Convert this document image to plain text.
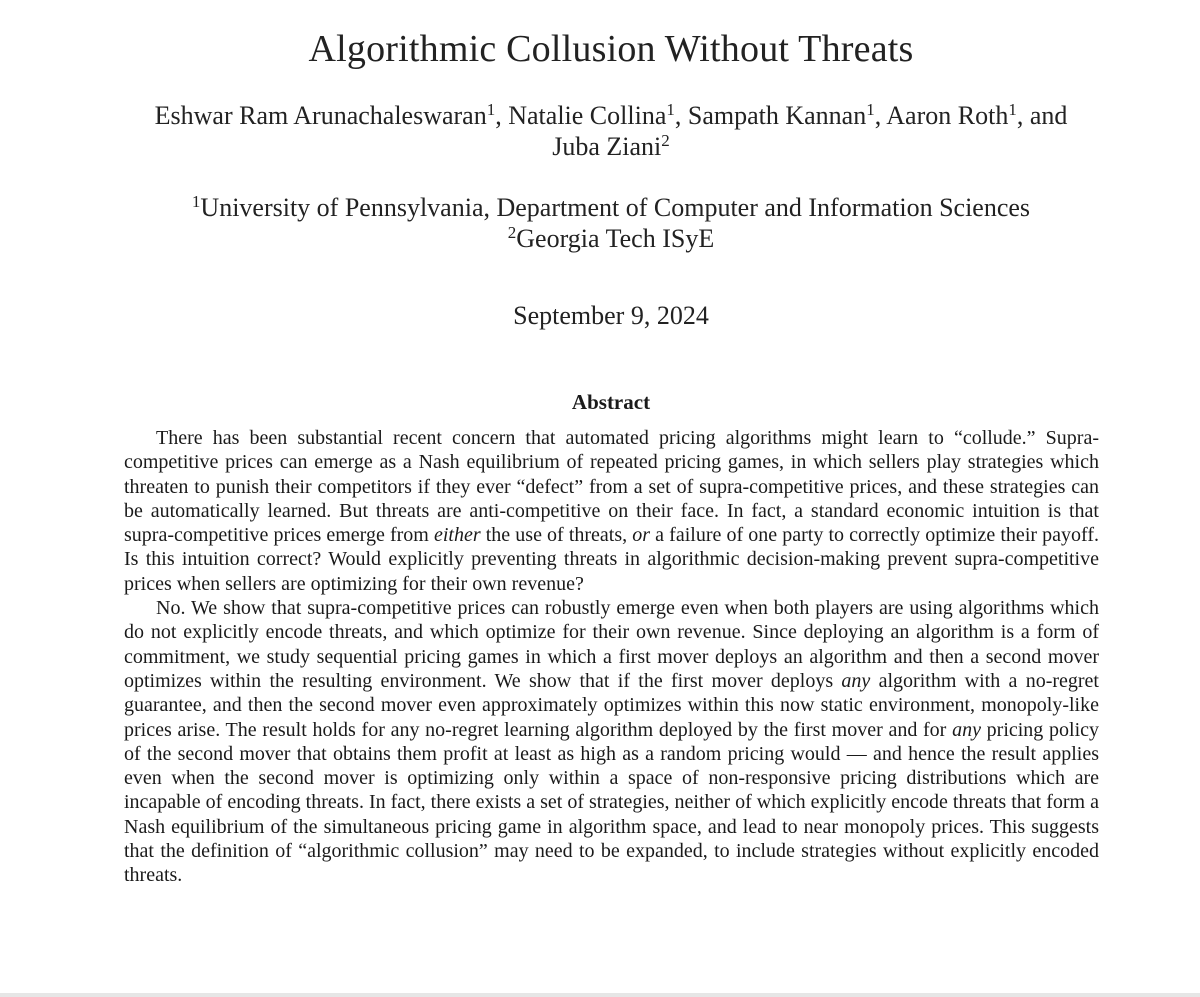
Algorithmic Collusion Without Threats
Eshwar Ram Arunachaleswaran$^1$, Natalie Collina$^1$, Sampath Kannan$^1$, Aaron Roth$^1$, and
Juba Ziani$^2$
$^1$University of Pennsylvania, Department of Computer and Information Sciences
$^2$Georgia Tech ISyE
September 9, 2024
Abstract

There has been substantial recent concern that automated pricing algorithms might learn to “collude.” Supra-competitive prices can emerge as a Nash equilibrium of repeated pricing games, in which sellers play strategies which threaten to punish their competitors if they ever “defect” from a set of supra-competitive prices, and these strategies can be automatically learned. But threats are anti-competitive on their face. In fact, a standard economic intuition is that supra-competitive prices emerge from either the use of threats, or a failure of one party to correctly optimize their payoff. Is this intuition correct? Would explicitly preventing threats in algorithmic decision-making prevent supra-competitive prices when sellers are optimizing for their own revenue?

No. We show that supra-competitive prices can robustly emerge even when both players are using algorithms which do not explicitly encode threats, and which optimize for their own revenue. Since deploying an algorithm is a form of commitment, we study sequential pricing games in which a first mover deploys an algorithm and then a second mover optimizes within the resulting environment. We show that if the first mover deploys any algorithm with a no-regret guarantee, and then the second mover even approximately optimizes within this now static environment, monopoly-like prices arise. The result holds for any no-regret learning algorithm deployed by the first mover and for any pricing policy of the second mover that obtains them profit at least as high as a random pricing would — and hence the result applies even when the second mover is optimizing only within a space of non-responsive pricing distributions which are incapable of encoding threats. In fact, there exists a set of strategies, neither of which explicitly encode threats that form a Nash equilibrium of the simultaneous pricing game in algorithm space, and lead to near monopoly prices. This suggests that the definition of “algorithmic collusion” may need to be expanded, to include strategies without explicitly encoded threats.
